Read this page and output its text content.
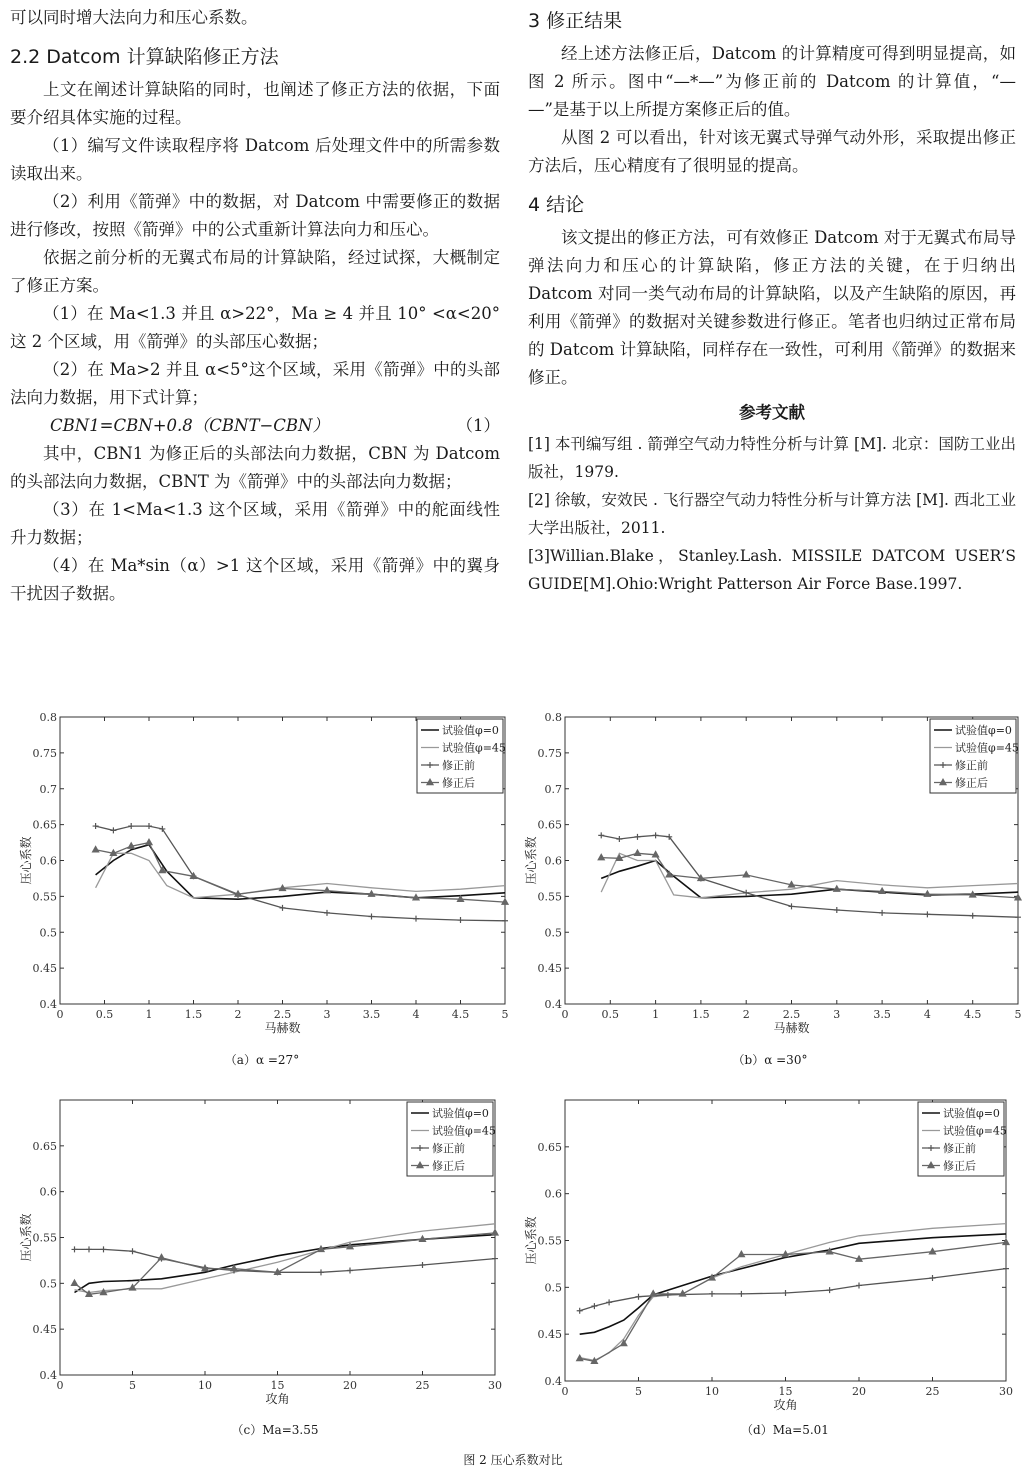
可以同时增大法向力和压心系数。

2.2 Datcom 计算缺陷修正方法

上文在阐述计算缺陷的同时，也阐述了修正方法的依据，下面要介绍具体实施的过程。

（1）编写文件读取程序将 Datcom 后处理文件中的所需参数读取出来。

（2）利用《箭弹》中的数据，对 Datcom 中需要修正的数据进行修改，按照《箭弹》中的公式重新计算法向力和压心。

依据之前分析的无翼式布局的计算缺陷，经过试探，大概制定了修正方案。

（1）在 Ma<1.3 并且 α>22°，Ma ≥ 4 并且 10° <α<20°这 2 个区域，用《箭弹》的头部压心数据；

（2）在 Ma>2 并且 α<5°这个区域，采用《箭弹》中的头部法向力数据，用下式计算；

CBN1=CBN+0.8（CBNT−CBN）	（1）

其中，CBN1 为修正后的头部法向力数据，CBN 为 Datcom 的头部法向力数据，CBNT 为《箭弹》中的头部法向力数据；

（3）在 1<Ma<1.3 这个区域，采用《箭弹》中的舵面线性升力数据；

（4）在 Ma*sin（α）>1 这个区域，采用《箭弹》中的翼身干扰因子数据。

3 修正结果

经上述方法修正后，Datcom 的计算精度可得到明显提高，如图 2 所示。图中“—*—”为修正前的 Datcom 的计算值，“— —”是基于以上所提方案修正后的值。

从图 2 可以看出，针对该无翼式导弹气动外形，采取提出修正方法后，压心精度有了很明显的提高。

4 结论

该文提出的修正方法，可有效修正 Datcom 对于无翼式布局导弹法向力和压心的计算缺陷，修正方法的关键，在于归纳出 Datcom 对同一类气动布局的计算缺陷，以及产生缺陷的原因，再利用《箭弹》的数据对关键参数进行修正。笔者也归纳过正常布局的 Datcom 计算缺陷，同样存在一致性，可利用《箭弹》的数据来修正。

参考文献
[1] 本刊编写组 . 箭弹空气动力特性分析与计算 [M]. 北京：国防工业出版社，1979.
[2] 徐敏，安效民 . 飞行器空气动力特性分析与计算方法 [M]. 西北工业大学出版社，2011.
[3]Willian.Blake，Stanley.Lash. MISSILE DATCOM USER’S GUIDE[M].Ohio:Wright Patterson Air Force Base.1997.
0	0.5	1	1.5	2	2.5	3	3.5	4	4.5	5
0.4
0.45
0.5
0.55
0.6
0.65
0.7
0.75
0.8
马赫数
压心系数
试验值φ=0
试验值φ=45
修正前
修正后
（a）α =27°
0	0.5	1	1.5	2	2.5	3	3.5	4	4.5	5
0.4
0.45
0.5
0.55
0.6
0.65
0.7
0.75
0.8
马赫数
压心系数
试验值φ=0
试验值φ=45
修正前
修正后
（b）α =30°
0	5	10	15	20	25	30
0.4
0.45
0.5
0.55
0.6
0.65
攻角
压心系数
试验值φ=0
试验值φ=45
修正前
修正后
（c）Ma=3.55
0	5	10	15	20	25	30
0.4
0.45
0.5
0.55
0.6
0.65
攻角
压心系数
试验值φ=0
试验值φ=45
修正前
修正后
（d）Ma=5.01
图 2 压心系数对比
